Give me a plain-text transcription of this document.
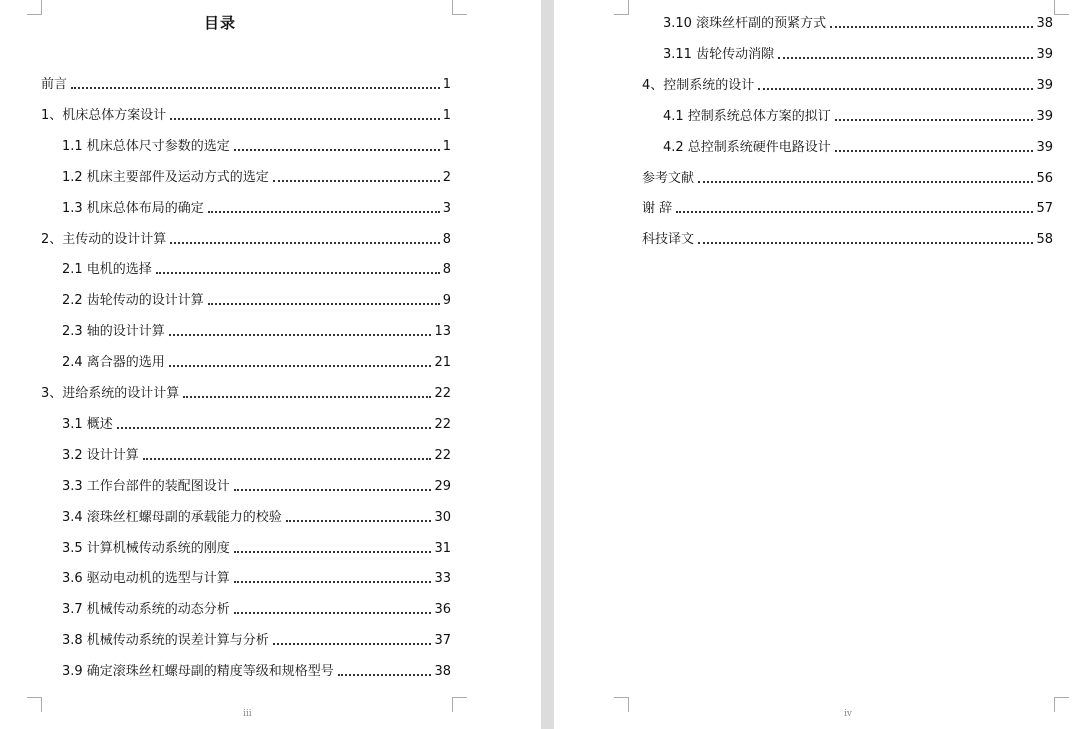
目录
前言	1
1、机床总体方案设计	1
1.1 机床总体尺寸参数的选定	1
1.2 机床主要部件及运动方式的选定	2
1.3 机床总体布局的确定	3
2、主传动的设计计算	8
2.1 电机的选择	8
2.2 齿轮传动的设计计算	9
2.3 轴的设计计算	13
2.4 离合器的选用	21
3、进给系统的设计计算	22
3.1 概述	22
3.2 设计计算	22
3.3 工作台部件的装配图设计	29
3.4 滚珠丝杠螺母副的承载能力的校验	30
3.5 计算机械传动系统的刚度	31
3.6 驱动电动机的选型与计算	33
3.7 机械传动系统的动态分析	36
3.8 机械传动系统的误差计算与分析	37
3.9 确定滚珠丝杠螺母副的精度等级和规格型号	38
iii
3.10 滚珠丝杆副的预紧方式	38
3.11 齿轮传动消隙	39
4、控制系统的设计	39
4.1 控制系统总体方案的拟订	39
4.2 总控制系统硬件电路设计	39
参考文献	56
谢 辞	57
科技译文	58
iv
